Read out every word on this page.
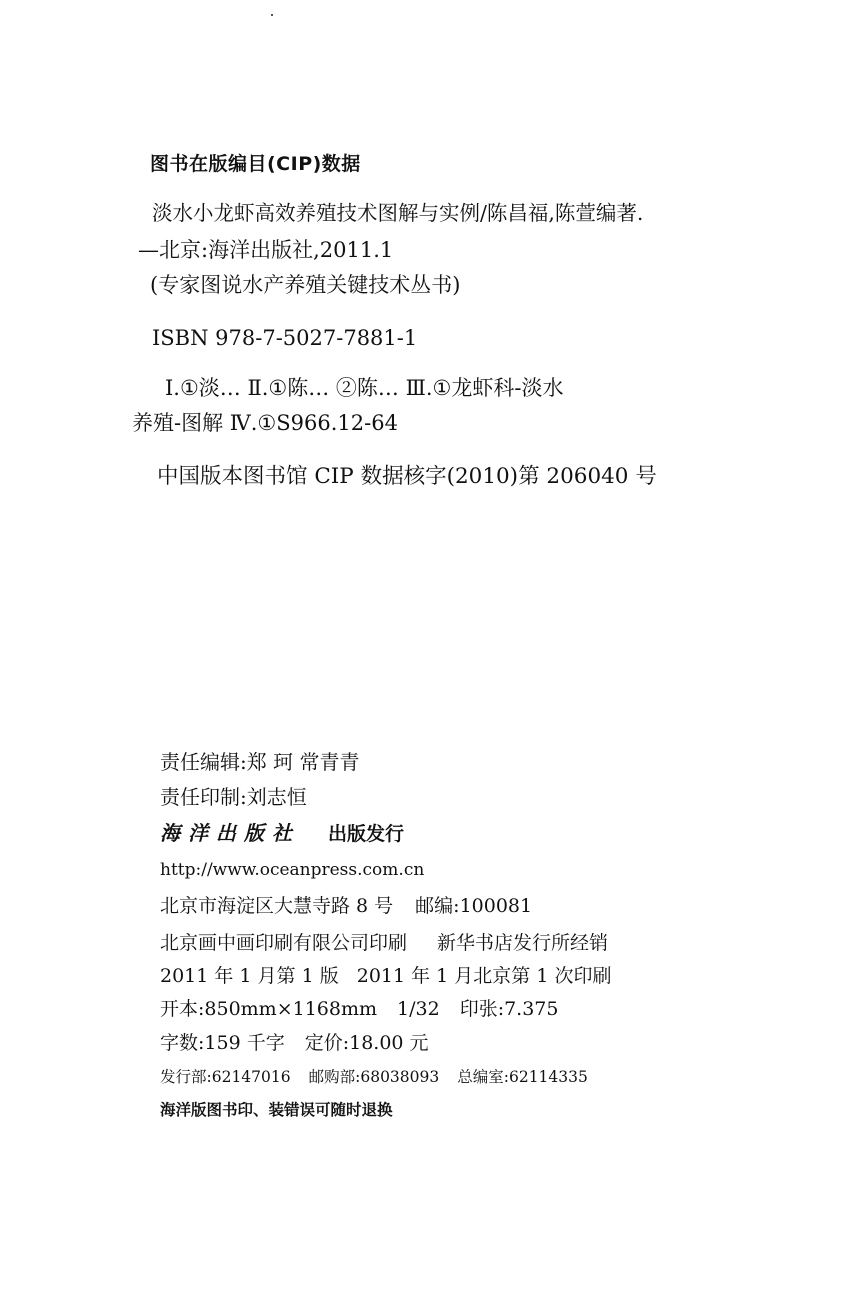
图书在版编目(CIP)数据
淡水小龙虾高效养殖技术图解与实例/陈昌福,陈萱编著.
—北京:海洋出版社,2011.1
(专家图说水产养殖关键技术丛书)
ISBN 978-7-5027-7881-1
Ⅰ.①淡… Ⅱ.①陈… ②陈… Ⅲ.①龙虾科-淡水
养殖-图解 Ⅳ.①S966.12-64
中国版本图书馆 CIP 数据核字(2010)第 206040 号
责任编辑:郑 珂 常青青
责任印制:刘志恒
海洋出版社 出版发行
http://www.oceanpress.com.cn
北京市海淀区大慧寺路 8 号 邮编:100081
北京画中画印刷有限公司印刷 新华书店发行所经销
2011 年 1 月第 1 版 2011 年 1 月北京第 1 次印刷
开本:850mm×1168mm 1/32 印张:7.375
字数:159 千字 定价:18.00 元
发行部:62147016 邮购部:68038093 总编室:62114335
海洋版图书印、装错误可随时退换
